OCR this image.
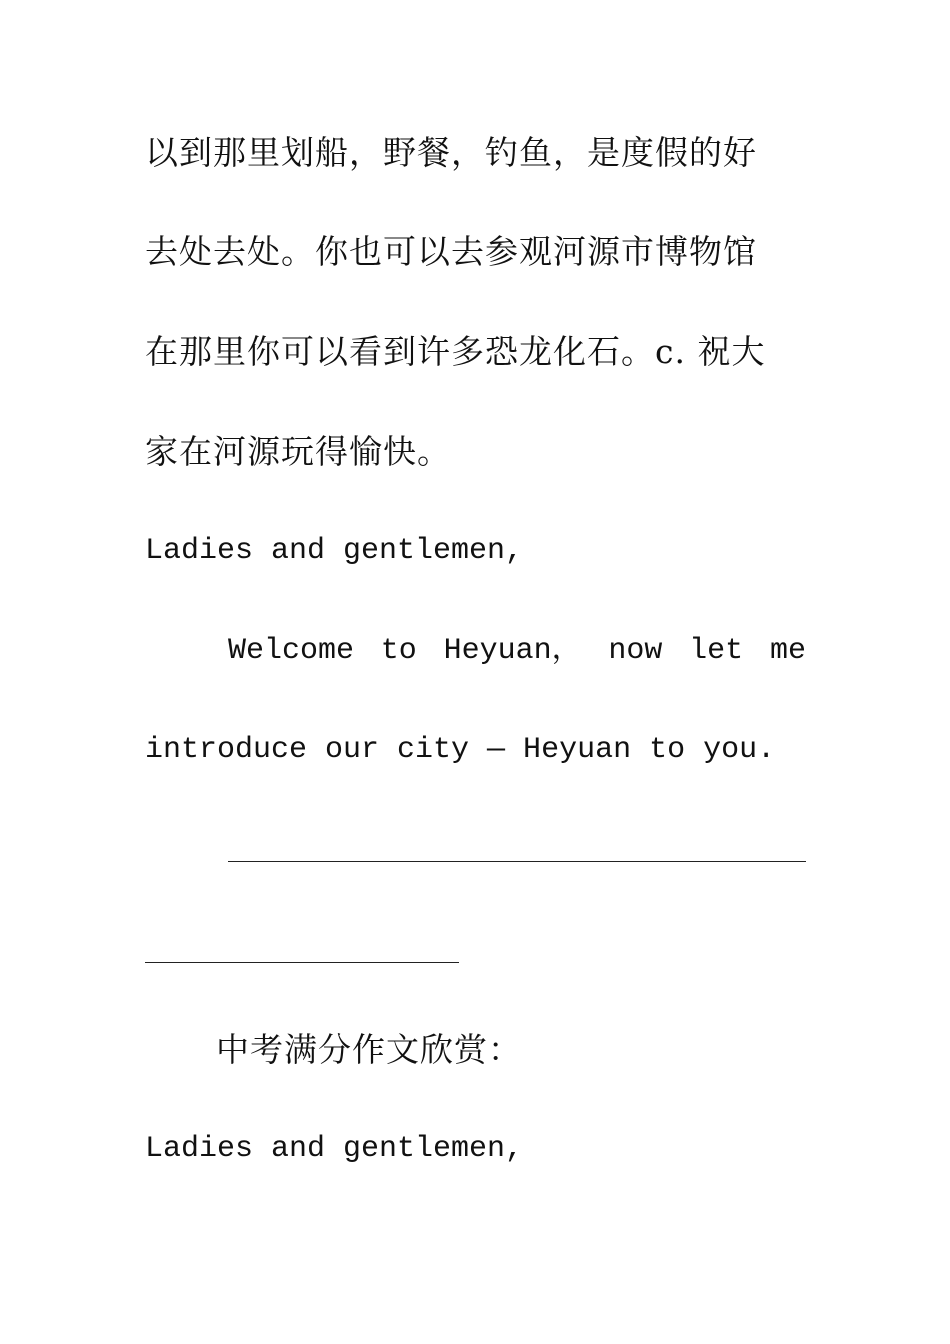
以到那里划船，野餐，钓鱼，是度假的好
去处去处。你也可以去参观河源市博物馆
在那里你可以看到许多恐龙化石。c. 祝大
家在河源玩得愉快。
Ladies and gentlemen,
Welcome to Heyuan， now let me
introduce our city — Heyuan to you.
中考满分作文欣赏：
Ladies and gentlemen,
